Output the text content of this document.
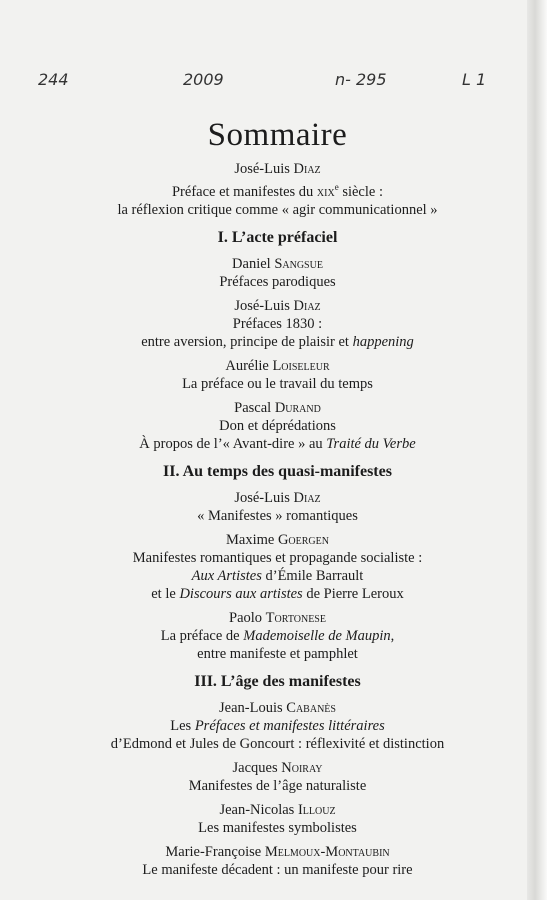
244	2009	n- 295	L 1
Sommaire
José-Luis Diaz
Préface et manifestes du xix$^e$ siècle :
la réflexion critique comme « agir communicationnel »
I. L’acte préfaciel
Daniel Sangsue
Préfaces parodiques
José-Luis Diaz
Préfaces 1830 :
entre aversion, principe de plaisir et happening
Aurélie Loiseleur
La préface ou le travail du temps
Pascal Durand
Don et déprédations
À propos de l’« Avant-dire » au Traité du Verbe
II. Au temps des quasi-manifestes
José-Luis Diaz
« Manifestes » romantiques
Maxime Goergen
Manifestes romantiques et propagande socialiste :
Aux Artistes d’Émile Barrault
et le Discours aux artistes de Pierre Leroux
Paolo Tortonese
La préface de Mademoiselle de Maupin,
entre manifeste et pamphlet
III. L’âge des manifestes
Jean-Louis Cabanès
Les Préfaces et manifestes littéraires
d’Edmond et Jules de Goncourt : réflexivité et distinction
Jacques Noiray
Manifestes de l’âge naturaliste
Jean-Nicolas Illouz
Les manifestes symbolistes
Marie-Françoise Melmoux-Montaubin
Le manifeste décadent : un manifeste pour rire
